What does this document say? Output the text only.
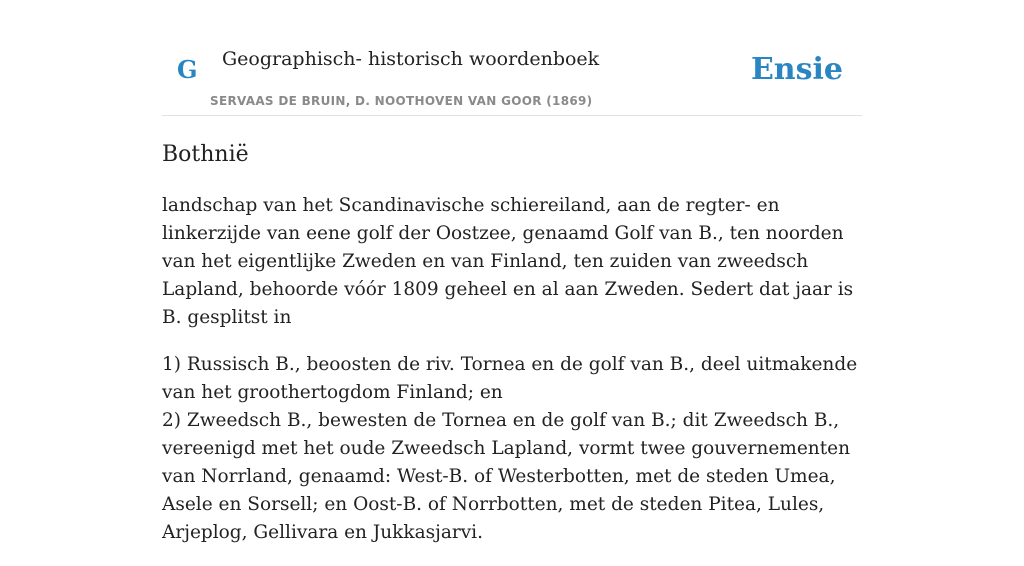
G Geographisch- historisch woordenboek
SERVAAS DE BRUIN, D. NOOTHOVEN VAN GOOR (1869)
Ensie
Bothnië

landschap van het Scandinavische schiereiland, aan de regter- en linkerzijde van eene golf der Oostzee, genaamd Golf van B., ten noorden van het eigentlijke Zweden en van Finland, ten zuiden van zweedsch Lapland, behoorde vóór 1809 geheel en al aan Zweden. Sedert dat jaar is B. gesplitst in

1) Russisch B., beoosten de riv. Tornea en de golf van B., deel uitmakende van het groothertogdom Finland; en
2) Zweedsch B., bewesten de Tornea en de golf van B.; dit Zweedsch B., vereenigd met het oude Zweedsch Lapland, vormt twee gouvernementen van Norrland, genaamd: West-B. of Westerbotten, met de steden Umea, Asele en Sorsell; en Oost-B. of Norrbotten, met de steden Pitea, Lules, Arjeplog, Gellivara en Jukkasjarvi.
